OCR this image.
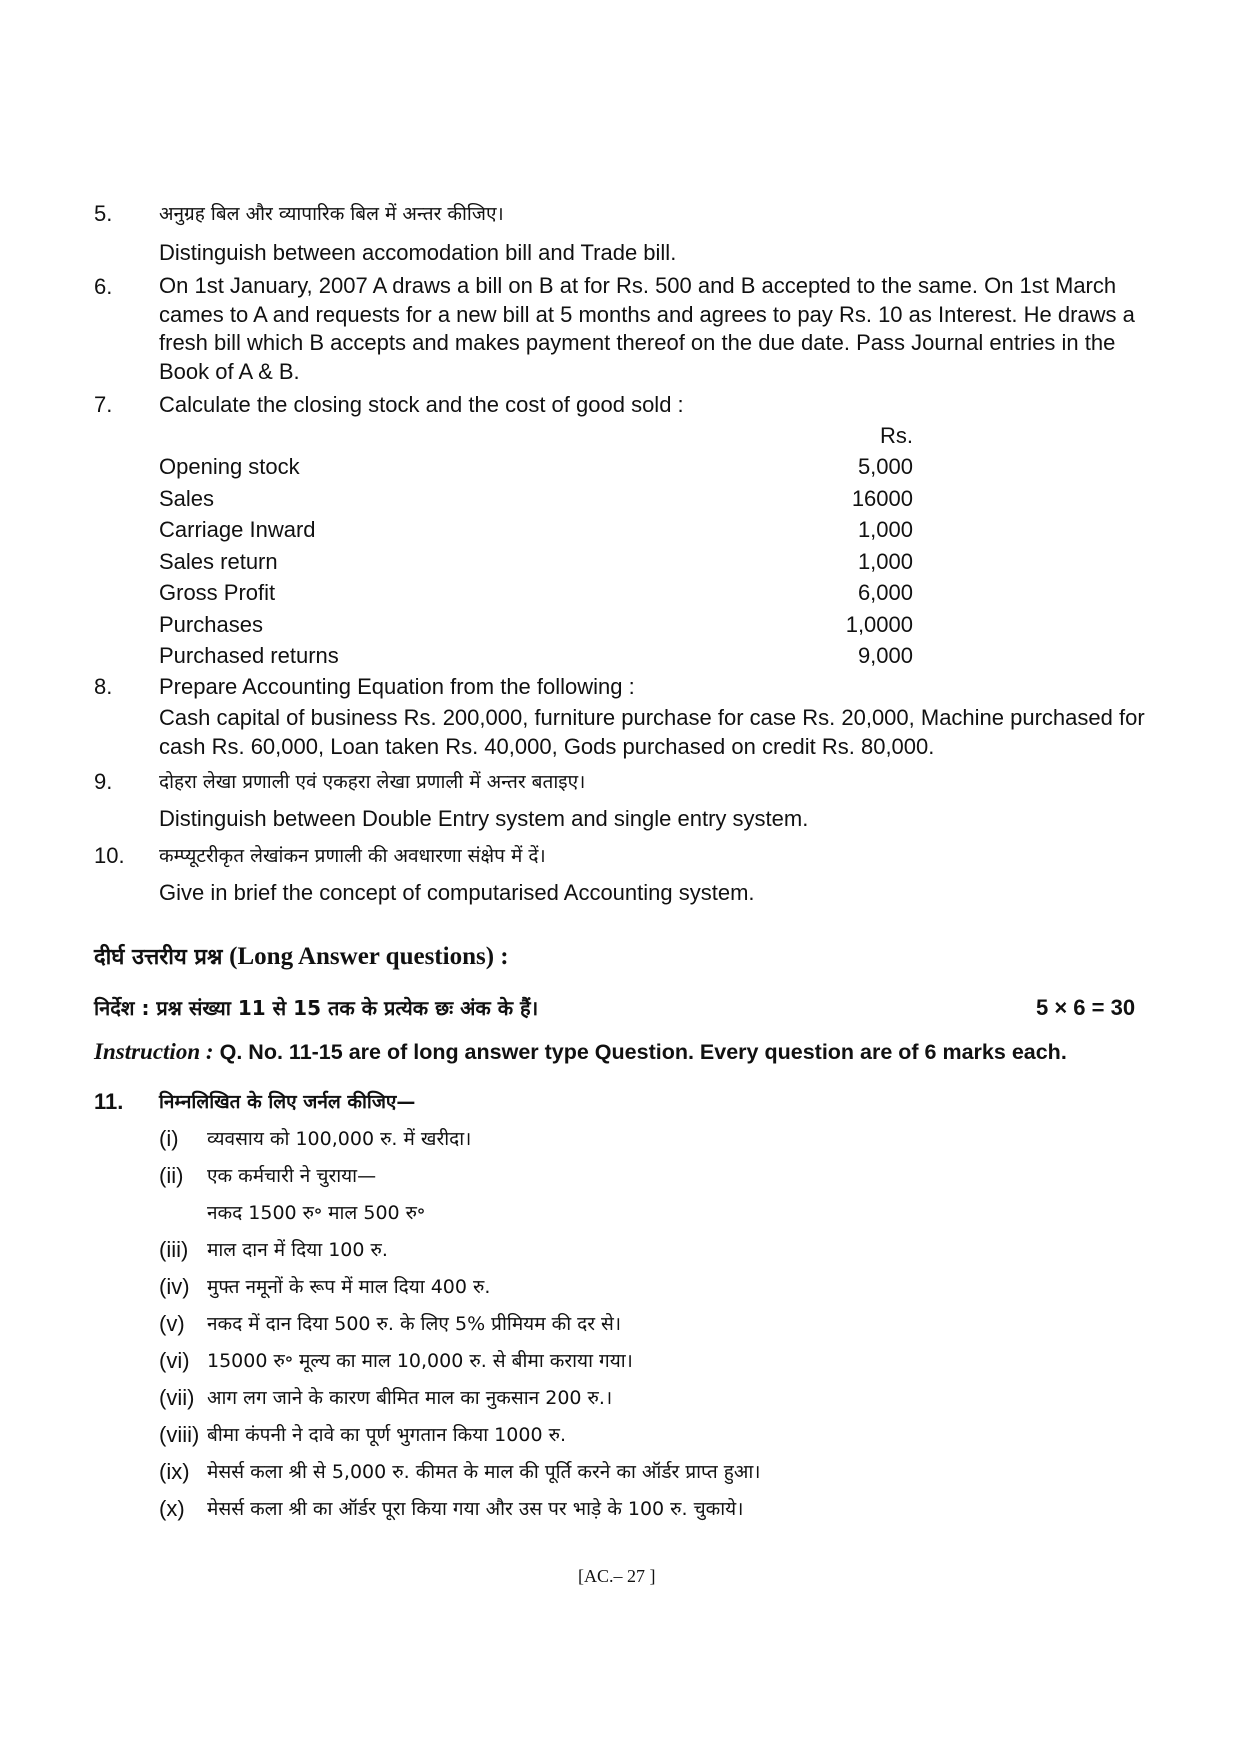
5. अनुग्रह बिल और व्यापारिक बिल में अन्तर कीजिए।
Distinguish between accomodation bill and Trade bill.
6. On 1st January, 2007 A draws a bill on B at for Rs. 500 and B accepted to the same. On 1st March cames to A and requests for a new bill at 5 months and agrees to pay Rs. 10 as Interest. He draws a fresh bill which B accepts and makes payment thereof on the due date. Pass Journal entries in the Book of A & B.
7. Calculate the closing stock and the cost of good sold :
Rs.
Opening stock	5,000
Sales	16000
Carriage Inward	1,000
Sales return	1,000
Gross Profit	6,000
Purchases	1,0000
Purchased returns	9,000
8. Prepare Accounting Equation from the following :
Cash capital of business Rs. 200,000, furniture purchase for case Rs. 20,000, Machine purchased for cash Rs. 60,000, Loan taken Rs. 40,000, Gods purchased on credit Rs. 80,000.
9. दोहरा लेखा प्रणाली एवं एकहरा लेखा प्रणाली में अन्तर बताइए।
Distinguish between Double Entry system and single entry system.
10. कम्प्यूटरीकृत लेखांकन प्रणाली की अवधारणा संक्षेप में दें।
Give in brief the concept of computarised Accounting system.
दीर्घ उत्तरीय प्रश्न (Long Answer questions) :
निर्देश : प्रश्न संख्या 11 से 15 तक के प्रत्येक छः अंक के हैं।	5 × 6 = 30
Instruction : Q. No. 11-15 are of long answer type Question. Every question are of 6 marks each.
11. निम्नलिखित के लिए जर्नल कीजिए—
(i) व्यवसाय को 100,000 रु. में खरीदा।
(ii) एक कर्मचारी ने चुराया—
नकद 1500 रु॰ माल 500 रु॰
(iii) माल दान में दिया 100 रु.
(iv) मुफ्त नमूनों के रूप में माल दिया 400 रु.
(v) नकद में दान दिया 500 रु. के लिए 5% प्रीमियम की दर से।
(vi) 15000 रु॰ मूल्य का माल 10,000 रु. से बीमा कराया गया।
(vii) आग लग जाने के कारण बीमित माल का नुकसान 200 रु.।
(viii) बीमा कंपनी ने दावे का पूर्ण भुगतान किया 1000 रु.
(ix) मेसर्स कला श्री से 5,000 रु. कीमत के माल की पूर्ति करने का ऑर्डर प्राप्त हुआ।
(x) मेसर्स कला श्री का ऑर्डर पूरा किया गया और उस पर भाड़े के 100 रु. चुकाये।
[AC.– 27 ]
